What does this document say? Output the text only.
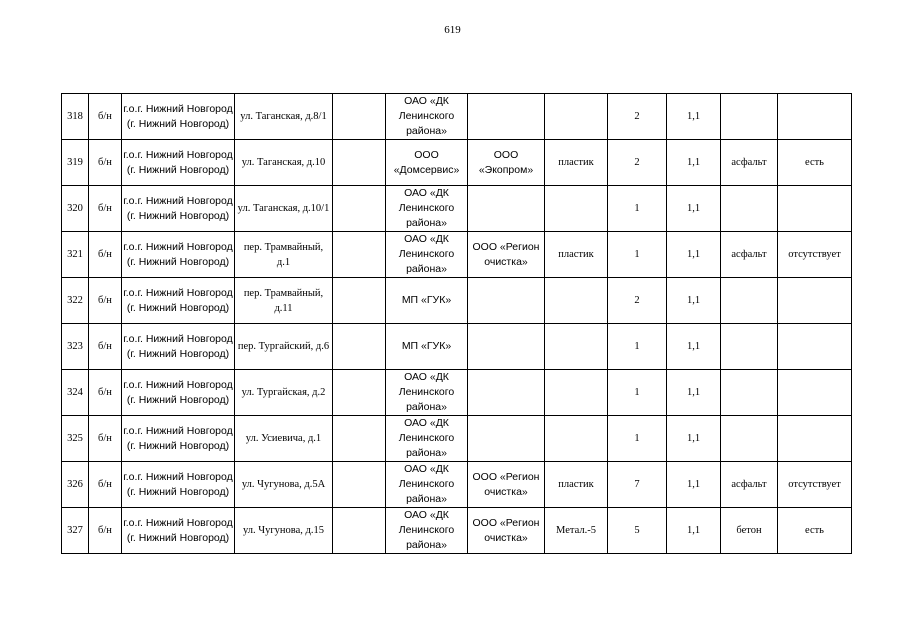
619
318	б/н	г.о.г. Нижний Новгород (г. Нижний Новгород)	ул. Таганская, д.8/1		ОАО «ДК Ленинского района»			2	1,1		
319	б/н	г.о.г. Нижний Новгород (г. Нижний Новгород)	ул. Таганская, д.10		ООО «Домсервис»	ООО «Экопром»	пластик	2	1,1	асфальт	есть
320	б/н	г.о.г. Нижний Новгород (г. Нижний Новгород)	ул. Таганская, д.10/1		ОАО «ДК Ленинского района»			1	1,1		
321	б/н	г.о.г. Нижний Новгород (г. Нижний Новгород)	пер. Трамвайный, д.1		ОАО «ДК Ленинского района»	ООО «Регион очистка»	пластик	1	1,1	асфальт	отсутствует
322	б/н	г.о.г. Нижний Новгород (г. Нижний Новгород)	пер. Трамвайный, д.11		МП «ГУК»			2	1,1		
323	б/н	г.о.г. Нижний Новгород (г. Нижний Новгород)	пер. Тургайский, д.6		МП «ГУК»			1	1,1		
324	б/н	г.о.г. Нижний Новгород (г. Нижний Новгород)	ул. Тургайская, д.2		ОАО «ДК Ленинского района»			1	1,1		
325	б/н	г.о.г. Нижний Новгород (г. Нижний Новгород)	ул. Усиевича, д.1		ОАО «ДК Ленинского района»			1	1,1		
326	б/н	г.о.г. Нижний Новгород (г. Нижний Новгород)	ул. Чугунова, д.5А		ОАО «ДК Ленинского района»	ООО «Регион очистка»	пластик	7	1,1	асфальт	отсутствует
327	б/н	г.о.г. Нижний Новгород (г. Нижний Новгород)	ул. Чугунова, д.15		ОАО «ДК Ленинского района»	ООО «Регион очистка»	Метал.-5	5	1,1	бетон	есть
